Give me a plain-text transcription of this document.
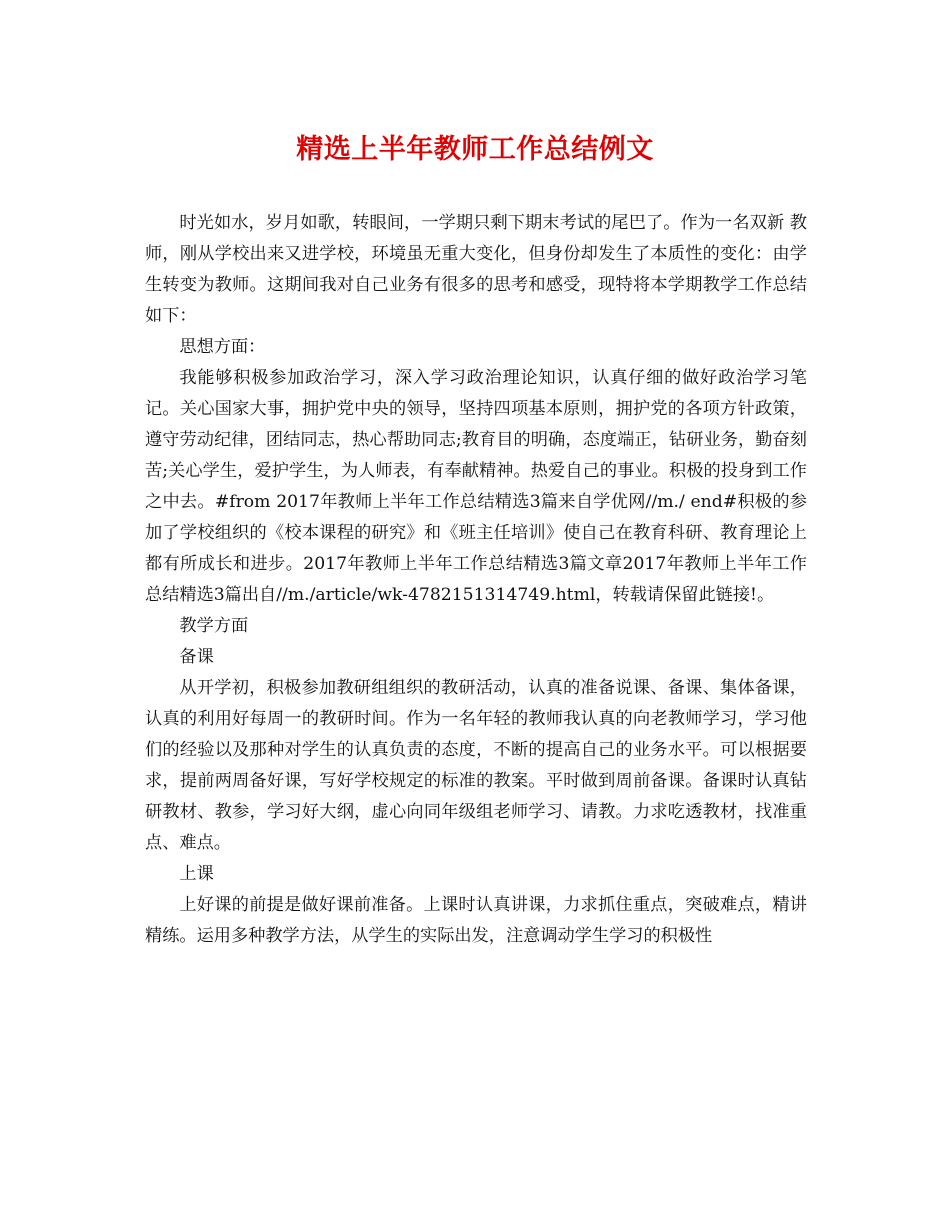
精选上半年教师工作总结例文

时光如水，岁月如歌，转眼间，一学期只剩下期末考试的尾巴了。作为一名双新 教师，刚从学校出来又进学校，环境虽无重大变化，但身份却发生了本质性的变化：由学生转变为教师。这期间我对自己业务有很多的思考和感受，现特将本学期教学工作总结如下：

思想方面：

我能够积极参加政治学习，深入学习政治理论知识，认真仔细的做好政治学习笔记。关心国家大事，拥护党中央的领导，坚持四项基本原则，拥护党的各项方针政策，遵守劳动纪律，团结同志，热心帮助同志;教育目的明确，态度端正，钻研业务，勤奋刻苦;关心学生，爱护学生，为人师表，有奉献精神。热爱自己的事业。积极的投身到工作之中去。#from 2017年教师上半年工作总结精选3篇来自学优网//m./ end#积极的参加了学校组织的《校本课程的研究》和《班主任培训》使自己在教育科研、教育理论上都有所成长和进步。2017年教师上半年工作总结精选3篇文章2017年教师上半年工作总结精选3篇出自//m./article/wk-4782151314749.html，转载请保留此链接!。

教学方面

备课

从开学初，积极参加教研组组织的教研活动，认真的准备说课、备课、集体备课，认真的利用好每周一的教研时间。作为一名年轻的教师我认真的向老教师学习，学习他们的经验以及那种对学生的认真负责的态度，不断的提高自己的业务水平。可以根据要求，提前两周备好课，写好学校规定的标准的教案。平时做到周前备课。备课时认真钻研教材、教参，学习好大纲，虚心向同年级组老师学习、请教。力求吃透教材，找准重点、难点。

上课

上好课的前提是做好课前准备。上课时认真讲课，力求抓住重点，突破难点，精讲精练。运用多种教学方法，从学生的实际出发，注意调动学生学习的积极性
